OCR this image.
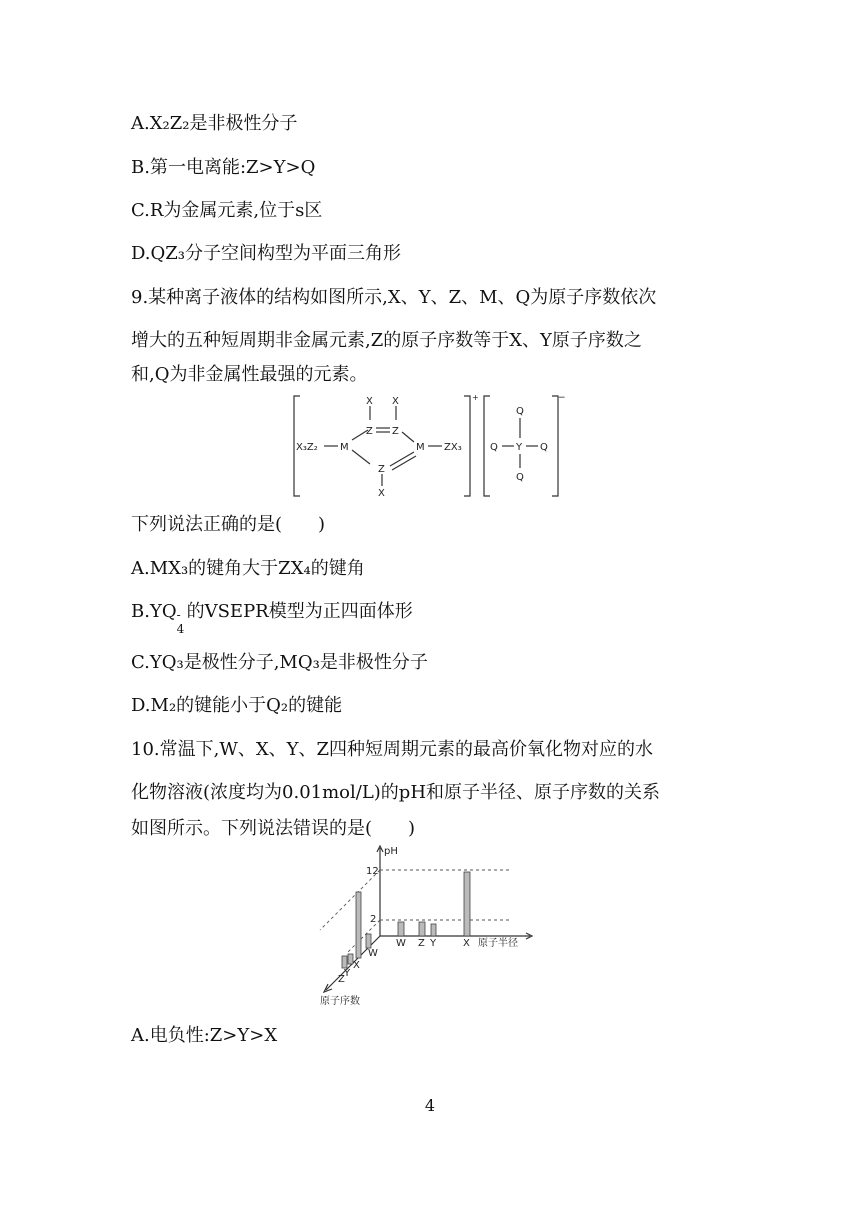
A.X₂Z₂是非极性分子
B.第一电离能:Z>Y>Q
C.R为金属元素,位于s区
D.QZ₃分子空间构型为平面三角形
9.某种离子液体的结构如图所示,X、Y、Z、M、Q为原子序数依次
增大的五种短周期非金属元素,Z的原子序数等于X、Y原子序数之
和,Q为非金属性最强的元素。
X₃Z₂ M
X X
Z Z
Z
X
M ZX₃
+
Q
Q Y Q
Q
−
下列说法正确的是(　　)
A.MX₃的键角大于ZX₄的键角
B.YQ -
4
的VSEPR模型为正四面体形
C.YQ₃是极性分子,MQ₃是非极性分子
D.M₂的键能小于Q₂的键能
10.常温下,W、X、Y、Z四种短周期元素的最高价氧化物对应的水
化物溶液(浓度均为0.01mol/L)的pH和原子半径、原子序数的关系
如图所示。下列说法错误的是(　　)
pH
12
2
W Z Y	X 原子半径
Z
Y
X
W
原子序数
A.电负性:Z>Y>X
4
